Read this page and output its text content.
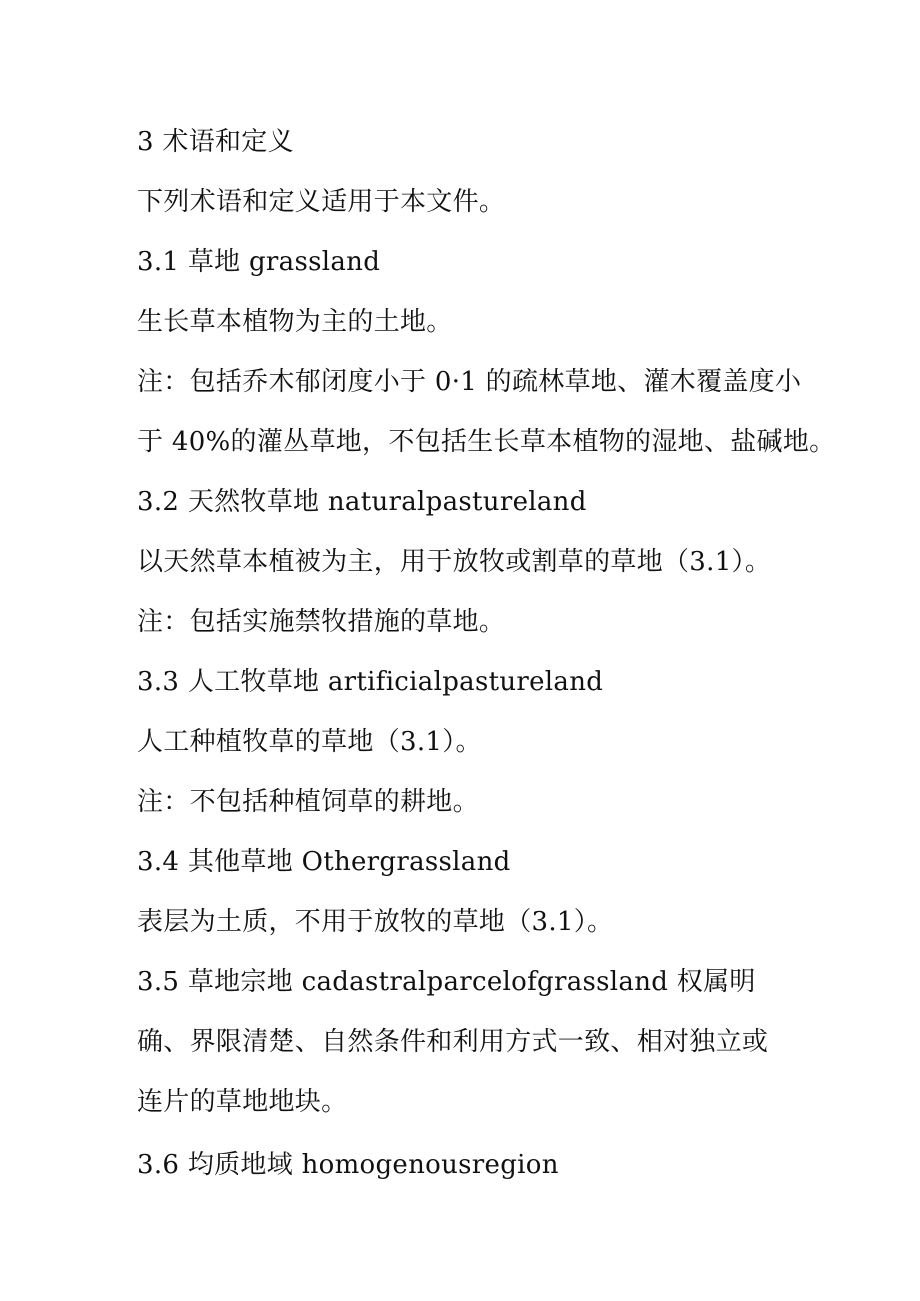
3 术语和定义

下列术语和定义适用于本文件。

3.1 草地 grassland

生长草本植物为主的土地。

注：包括乔木郁闭度小于 0·1 的疏林草地、灌木覆盖度小

于 40%的灌丛草地，不包括生长草本植物的湿地、盐碱地。

3.2 天然牧草地 naturalpastureland

以天然草本植被为主，用于放牧或割草的草地（3.1）。

注：包括实施禁牧措施的草地。

3.3 人工牧草地 artificialpastureland

人工种植牧草的草地（3.1）。

注：不包括种植饲草的耕地。

3.4 其他草地 Othergrassland

表层为土质，不用于放牧的草地（3.1）。

3.5 草地宗地 cadastralparcelofgrassland 权属明

确、界限清楚、自然条件和利用方式一致、相对独立或

连片的草地地块。

3.6 均质地域 homogenousregion
